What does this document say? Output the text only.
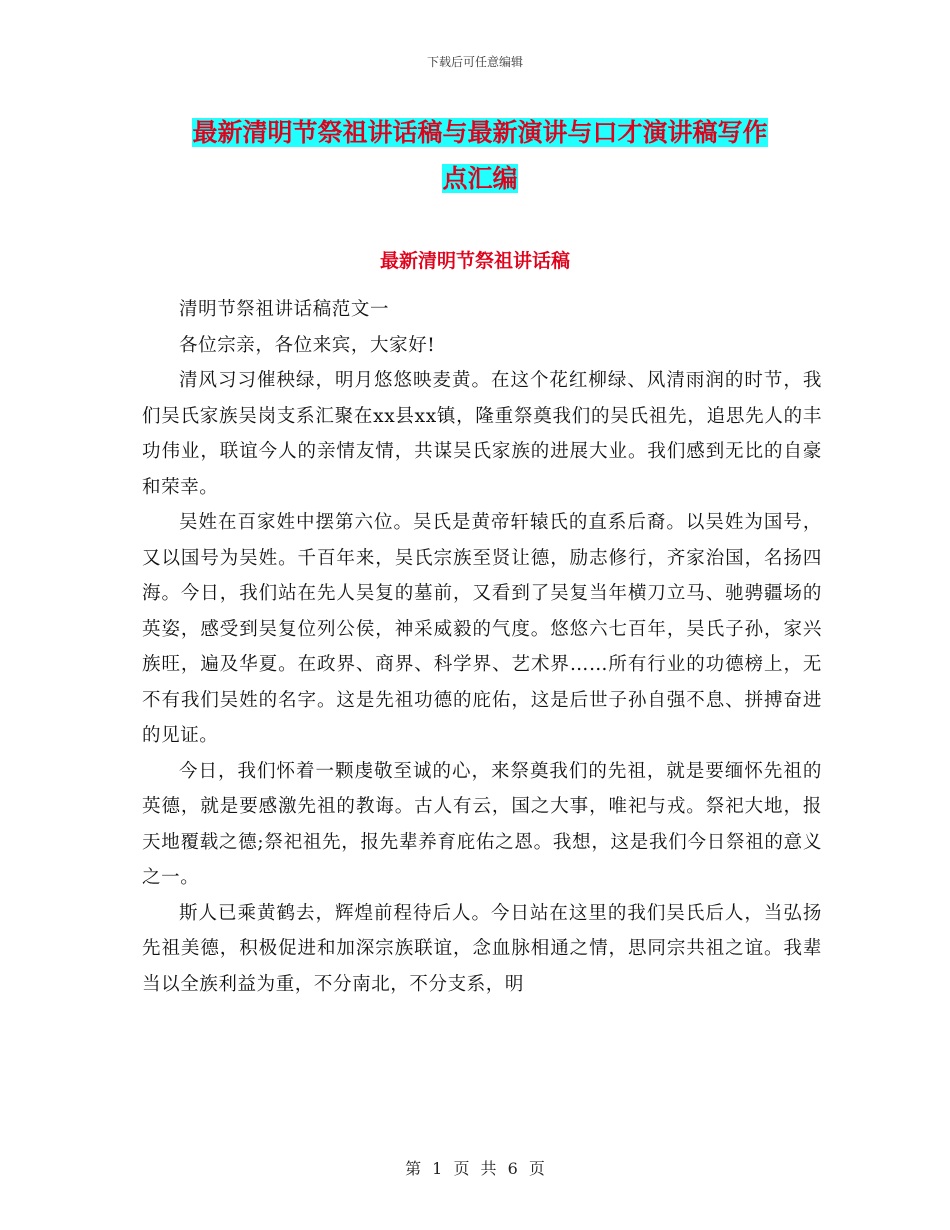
下载后可任意编辑
最新清明节祭祖讲话稿与最新演讲与口才演讲稿写作
点汇编
最新清明节祭祖讲话稿

清明节祭祖讲话稿范文一

各位宗亲，各位来宾，大家好!

清风习习催秧绿，明月悠悠映麦黄。在这个花红柳绿、风清雨润的时节，我们吴氏家族吴岗支系汇聚在xx县xx镇，隆重祭奠我们的吴氏祖先，追思先人的丰功伟业，联谊今人的亲情友情，共谋吴氏家族的进展大业。我们感到无比的自豪和荣幸。

吴姓在百家姓中摆第六位。吴氏是黄帝轩辕氏的直系后裔。以吴姓为国号，又以国号为吴姓。千百年来，吴氏宗族至贤让德，励志修行，齐家治国，名扬四海。今日，我们站在先人吴复的墓前，又看到了吴复当年横刀立马、驰骋疆场的英姿，感受到吴复位列公侯，神采威毅的气度。悠悠六七百年，吴氏子孙，家兴族旺，遍及华夏。在政界、商界、科学界、艺术界……所有行业的功德榜上，无不有我们吴姓的名字。这是先祖功德的庇佑，这是后世子孙自强不息、拼搏奋进的见证。

今日，我们怀着一颗虔敬至诚的心，来祭奠我们的先祖，就是要缅怀先祖的英德，就是要感激先祖的教诲。古人有云，国之大事，唯祀与戎。祭祀大地，报天地覆载之德;祭祀祖先，报先辈养育庇佑之恩。我想，这是我们今日祭祖的意义之一。

斯人已乘黄鹤去，辉煌前程待后人。今日站在这里的我们吴氏后人，当弘扬先祖美德，积极促进和加深宗族联谊，念血脉相通之情，思同宗共祖之谊。我辈当以全族利益为重，不分南北，不分支系，明

第 1 页 共 6 页
